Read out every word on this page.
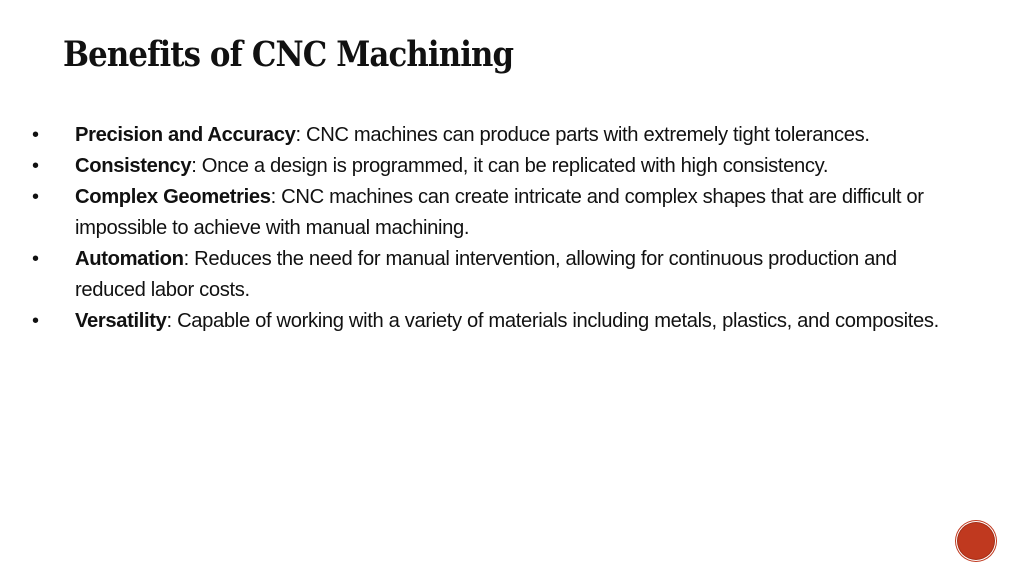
Benefits of CNC Machining
•	Precision and Accuracy: CNC machines can produce parts with extremely tight tolerances.
•	Consistency: Once a design is programmed, it can be replicated with high consistency.
•	Complex Geometries: CNC machines can create intricate and complex shapes that are difficult or impossible to achieve with manual machining.
•	Automation: Reduces the need for manual intervention, allowing for continuous production and reduced labor costs.
•	Versatility: Capable of working with a variety of materials including metals, plastics, and composites.
